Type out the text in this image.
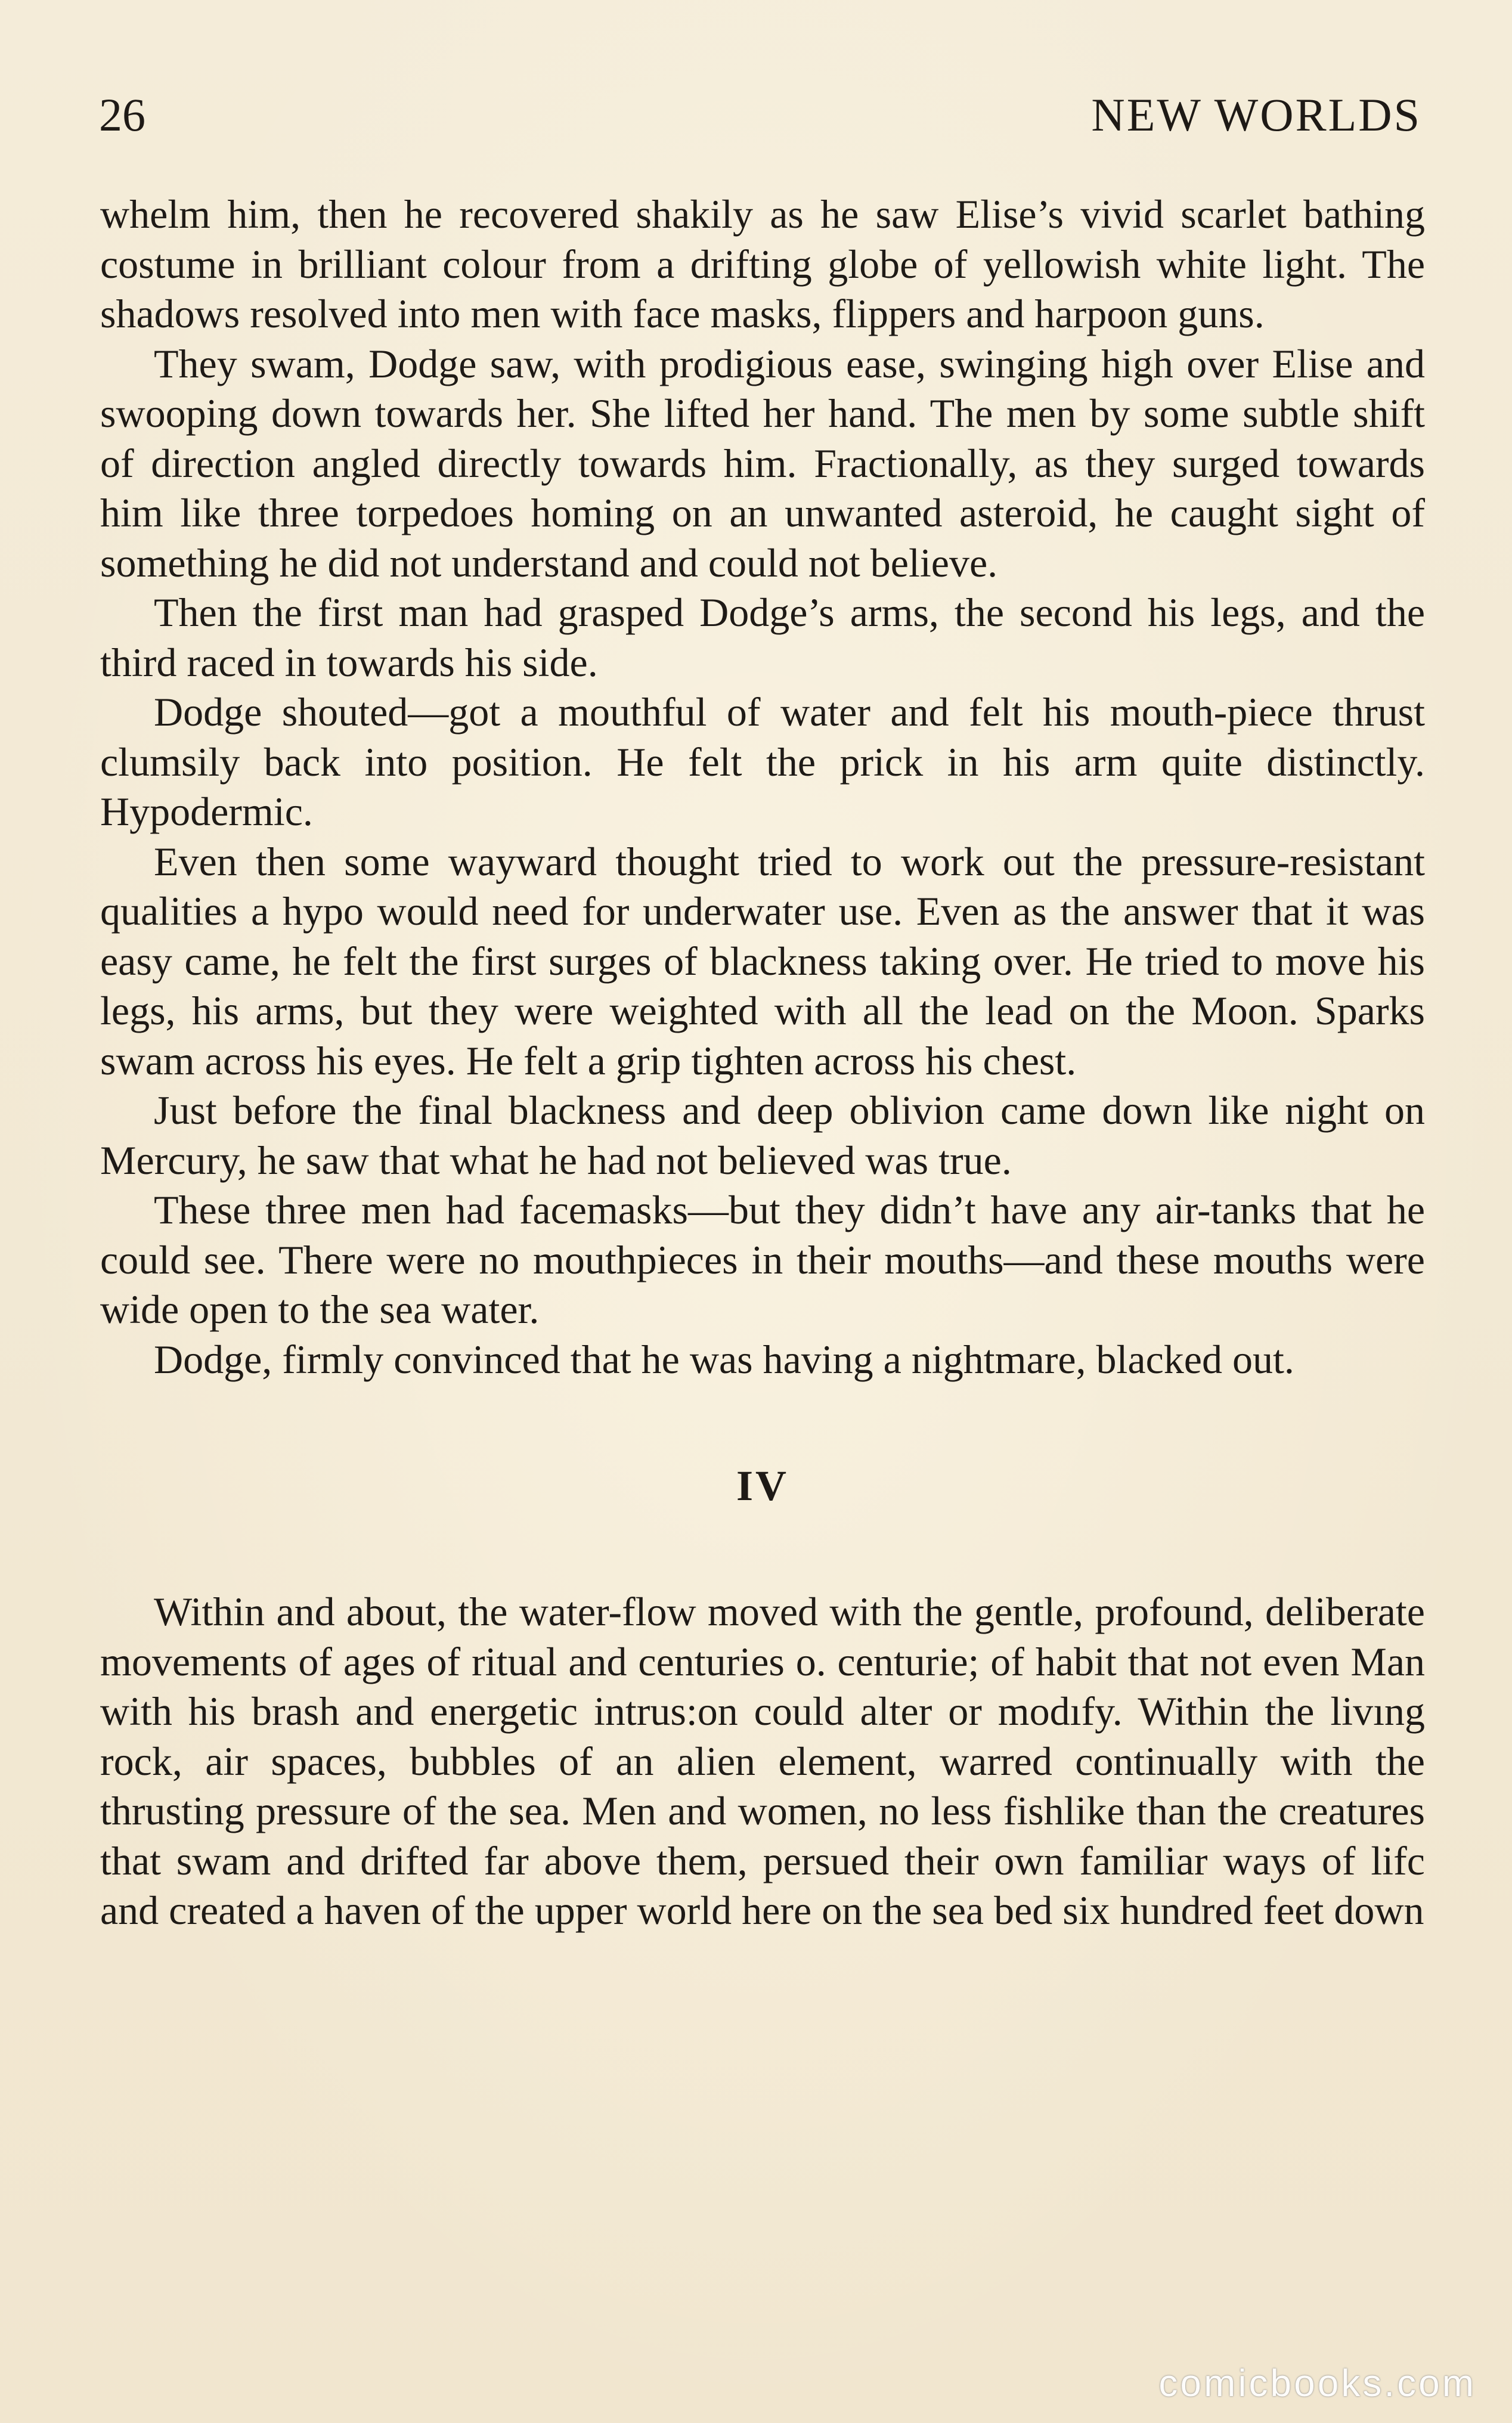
26	NEW WORLDS

whelm him, then he recovered shakily as he saw Elise’s vivid scarlet bathing costume in brilliant colour from a drifting globe of yellowish white light. The shadows resolved into men with face masks, flippers and harpoon guns.

They swam, Dodge saw, with prodigious ease, swinging high over Elise and swooping down towards her. She lifted her hand. The men by some subtle shift of direction angled directly towards him. Fractionally, as they surged towards him like three torpedoes homing on an unwanted asteroid, he caught sight of something he did not understand and could not believe.

Then the first man had grasped Dodge’s arms, the second his legs, and the third raced in towards his side.

Dodge shouted—got a mouthful of water and felt his mouth-piece thrust clumsily back into position. He felt the prick in his arm quite distinctly. Hypodermic.

Even then some wayward thought tried to work out the pressure-resistant qualities a hypo would need for underwater use. Even as the answer that it was easy came, he felt the first surges of blackness taking over. He tried to move his legs, his arms, but they were weighted with all the lead on the Moon. Sparks swam across his eyes. He felt a grip tighten across his chest.

Just before the final blackness and deep oblivion came down like night on Mercury, he saw that what he had not believed was true.

These three men had facemasks—but they didn’t have any air-tanks that he could see. There were no mouthpieces in their mouths—and these mouths were wide open to the sea water.

Dodge, firmly convinced that he was having a nightmare, blacked out.

IV

Within and about, the water-flow moved with the gentle, profound, deliberate movements of ages of ritual and centuries o. centurie; of habit that not even Man with his brash and energetic intrus:on could alter or modıfy. Within the livıng rock, air spaces, bubbles of an alien element, warred continually with the thrusting pressure of the sea. Men and women, no less fishlike than the creatures that swam and drifted far above them, persued their own familiar ways of lifc and created a haven of the upper world here on the sea bed six hundred feet down

comicbooks.com
